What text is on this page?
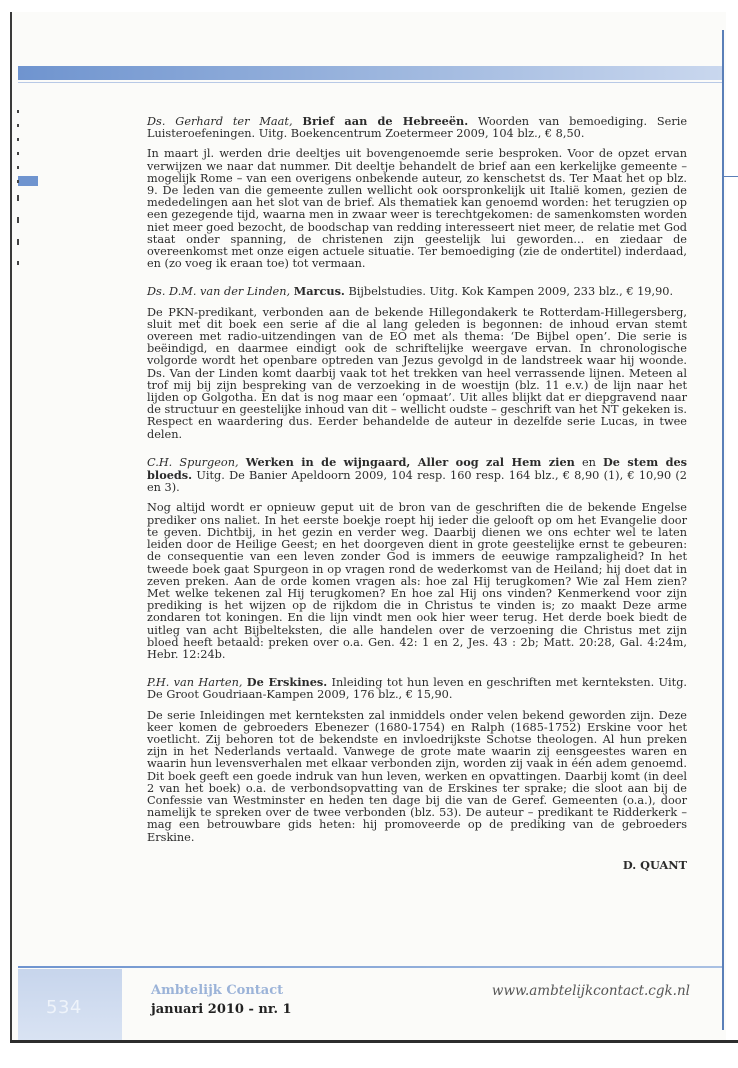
Ds. Gerhard ter Maat, Brief aan de Hebreeën. Woorden van bemoediging. Serie Luisteroefeningen. Uitg. Boekencentrum Zoetermeer 2009, 104 blz., € 8,50.

In maart jl. werden drie deeltjes uit bovengenoemde serie besproken. Voor de opzet ervan verwijzen we naar dat nummer. Dit deeltje behandelt de brief aan een kerkelijke gemeente – mogelijk Rome – van een overigens onbekende auteur, zo kenschetst ds. Ter Maat het op blz. 9. De leden van die gemeente zullen wellicht ook oorspronkelijk uit Italië komen, gezien de mededelingen aan het slot van de brief. Als thematiek kan genoemd worden: het terugzien op een gezegende tijd, waarna men in zwaar weer is terechtgekomen: de samenkomsten worden niet meer goed bezocht, de boodschap van redding interesseert niet meer, de relatie met God staat onder spanning, de christenen zijn geestelijk lui geworden... en ziedaar de overeenkomst met onze eigen actuele situatie. Ter bemoediging (zie de ondertitel) inderdaad, en (zo voeg ik eraan toe) tot vermaan.

Ds. D.M. van der Linden, Marcus. Bijbelstudies. Uitg. Kok Kampen 2009, 233 blz., € 19,90.

De PKN-predikant, verbonden aan de bekende Hillegondakerk te Rotterdam-Hillegersberg, sluit met dit boek een serie af die al lang geleden is begonnen: de inhoud ervan stemt overeen met radio-uitzendingen van de EO met als thema: ‘De Bijbel open’. Die serie is beëindigd, en daarmee eindigt ook de schriftelijke weergave ervan. In chronologische volgorde wordt het openbare optreden van Jezus gevolgd in de landstreek waar hij woonde. Ds. Van der Linden komt daarbij vaak tot het trekken van heel verrassende lijnen. Meteen al trof mij bij zijn bespreking van de verzoeking in de woestijn (blz. 11 e.v.) de lijn naar het lijden op Golgotha. En dat is nog maar een ‘opmaat’. Uit alles blijkt dat er diepgravend naar de structuur en geestelijke inhoud van dit – wellicht oudste – geschrift van het NT gekeken is. Respect en waardering dus. Eerder behandelde de auteur in dezelfde serie Lucas, in twee delen.

C.H. Spurgeon, Werken in de wijngaard, Aller oog zal Hem zien en De stem des bloeds. Uitg. De Banier Apeldoorn 2009, 104 resp. 160 resp. 164 blz., € 8,90 (1), € 10,90 (2 en 3).

Nog altijd wordt er opnieuw geput uit de bron van de geschriften die de bekende Engelse prediker ons naliet. In het eerste boekje roept hij ieder die gelooft op om het Evangelie door te geven. Dichtbij, in het gezin en verder weg. Daarbij dienen we ons echter wel te laten leiden door de Heilige Geest; en het doorgeven dient in grote geestelijke ernst te gebeuren: de consequentie van een leven zonder God is immers de eeuwige rampzaligheid? In het tweede boek gaat Spurgeon in op vragen rond de wederkomst van de Heiland; hij doet dat in zeven preken. Aan de orde komen vragen als: hoe zal Hij terugkomen? Wie zal Hem zien? Met welke tekenen zal Hij terugkomen? En hoe zal Hij ons vinden? Kenmerkend voor zijn prediking is het wijzen op de rijkdom die in Christus te vinden is; zo maakt Deze arme zondaren tot koningen. En die lijn vindt men ook hier weer terug. Het derde boek biedt de uitleg van acht Bijbelteksten, die alle handelen over de verzoening die Christus met zijn bloed heeft betaald: preken over o.a. Gen. 42: 1 en 2, Jes. 43 : 2b; Matt. 20:28, Gal. 4:24m, Hebr. 12:24b.

P.H. van Harten, De Erskines. Inleiding tot hun leven en geschriften met kernteksten. Uitg. De Groot Goudriaan-Kampen 2009, 176 blz., € 15,90.

De serie Inleidingen met kernteksten zal inmiddels onder velen bekend geworden zijn. Deze keer komen de gebroeders Ebenezer (1680-1754) en Ralph (1685-1752) Erskine voor het voetlicht. Zij behoren tot de bekendste en invloedrijkste Schotse theologen. Al hun preken zijn in het Nederlands vertaald. Vanwege de grote mate waarin zij eensgeestes waren en waarin hun levensverhalen met elkaar verbonden zijn, worden zij vaak in één adem genoemd. Dit boek geeft een goede indruk van hun leven, werken en opvattingen. Daarbij komt (in deel 2 van het boek) o.a. de verbondsopvatting van de Erskines ter sprake; die sloot aan bij de Confessie van Westminster en heden ten dage bij die van de Geref. Gemeenten (o.a.), door namelijk te spreken over de twee verbonden (blz. 53). De auteur – predikant te Ridderkerk – mag een betrouwbare gids heten: hij promoveerde op de prediking van de gebroeders Erskine.

D. QUANT

534
Ambtelijk Contact
januari 2010 - nr. 1
www.ambtelijkcontact.cgk.nl
